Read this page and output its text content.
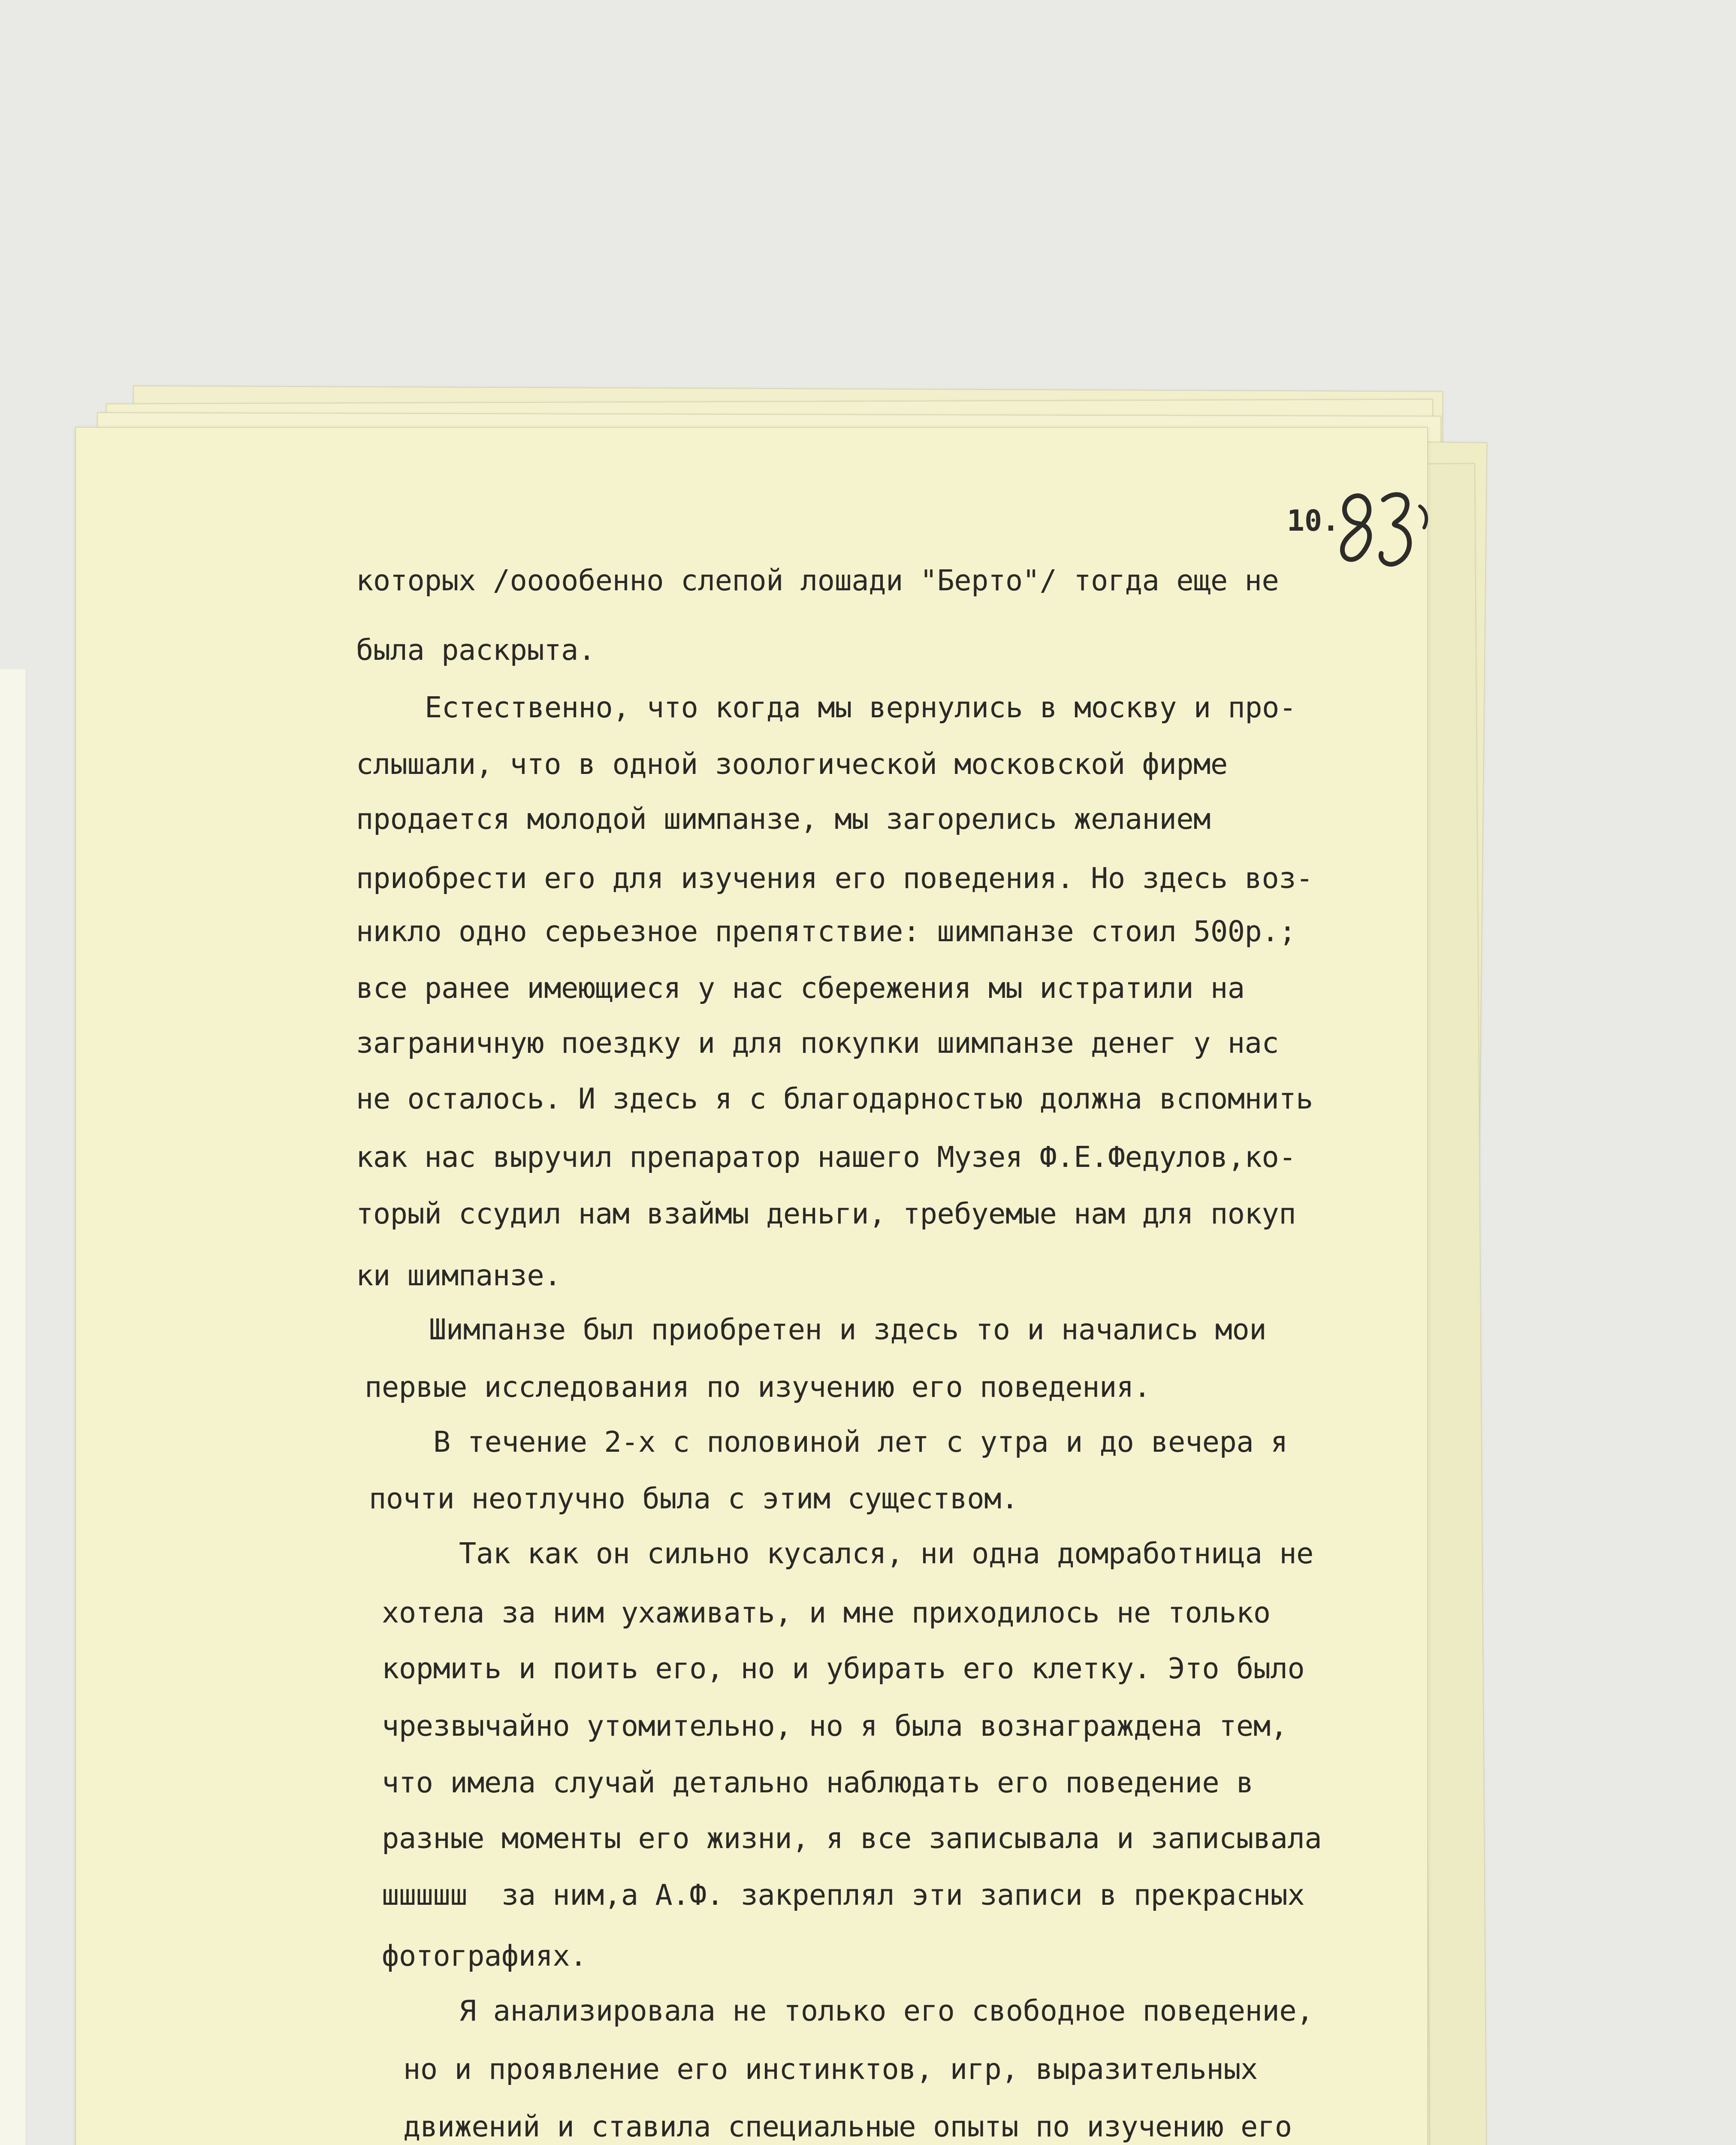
10.
которых /ооообенно слепой лошади "Берто"/ тогда еще не
была раскрыта.
Естественно, что когда мы вернулись в москву и про-
слышали, что в одной зоологической московской фирме
продается молодой шимпанзе, мы загорелись желанием
приобрести его для изучения его поведения. Но здесь воз-
никло одно серьезное препятствие: шимпанзе стоил 500р.;
все ранее имеющиеся у нас сбережения мы истратили на
заграничную поездку и для покупки шимпанзе денег у нас
не осталось. И здесь я с благодарностью должна вспомнить
как нас выручил препаратор нашего Музея Ф.Е.Федулов,ко-
торый ссудил нам взаймы деньги, требуемые нам для покуп
ки шимпанзе.
Шимпанзе был приобретен и здесь то и начались мои
первые исследования по изучению его поведения.
В течение 2-х с половиной лет с утра и до вечера я
почти неотлучно была с этим существом.
Так как он сильно кусался, ни одна домработница не
хотела за ним ухаживать, и мне приходилось не только
кормить и поить его, но и убирать его клетку. Это было
чрезвычайно утомительно, но я была вознаграждена тем,
что имела случай детально наблюдать его поведение в
разные моменты его жизни, я все записывала и записывала
шшшшш  за ним,а А.Ф. закреплял эти записи в прекрасных
фотографиях.
Я анализировала не только его свободное поведение,
но и проявление его инстинктов, игр, выразительных
движений и ставила специальные опыты по изучению его
